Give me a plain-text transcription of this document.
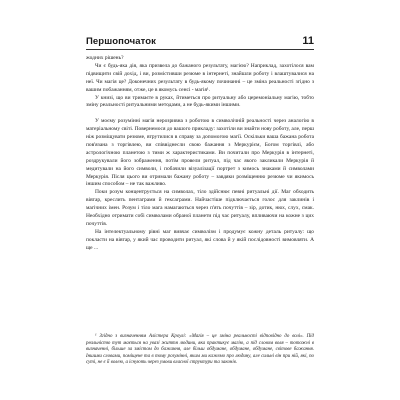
Першопочаток	11

жодних рішень?

Чи є будь-яка дія, яка призвела до бажаного результату, магією? Наприклад, захотілося вам підвищити свій дохід, і ви, розмістивши резюме в інтернеті, знайшли роботу і влаштувалися на неї. Чи магія це? Доконечних результату в будь-якому починанні – це зміна реальності згідно з вашим побажанням, отже, це в якомусь сенсі - магія¹.

У книзі, що ви тримаєте в руках, йтиметься про ритуальну або церемоніальну магію, тобто зміну реальності ритуальними методами, а не будь-якими іншими.

У моєму розумінні магія нерозривна з роботою в символічній реальності через аналогію в матеріальному світі. Повернемося до вашого прикладу: захотіли ви знайти нову роботу, але, перш ніж розміщувати резюме, втрутилися в справу за допомогою магії. Оскільки ваша бажана робота пов'язана з торгівлею, ви співвіднесли свою бажання з Меркурієм, Богом торгівлі, або астрологічною планетою з тими ж характеристиками. Ви почитали про Меркурія в інтернеті, роздрукували його зображення, потім провели ритуал, під час якого закликали Меркурія й медитували на його символи, і побачили візуалізації портрет з кимось знаками й символами Меркурія. Після цього ви отримали бажану роботу – завдяки розміщенню резюме чи якимось іншим способом – не так важливо.

Поки розум концентрується на символах, тіло здійснює певні ритуальні дії. Маг обходить вівтар, креслить пентаграми й гексаграми. Найчастіше підключається голос для заклинів і магічних імен. Розум і тіло мага намагаються через п'ять почуттів – зір, дотик, нюх, слух, смак. Необхідно отримати собі символами обраної планети під час ритуалу, впливаючи на кожне з цих почуттів.

На інтелектуальному рівні маг вивчає символізм і продумує кожну деталь ритуалу: що покласти на вівтар, у який час проводити ритуал, які слова й у якій послідовності вимовляти. А ще ...

¹ Згідно з визначенням Алістера Кроулі: «Магія – це зміна реальності відповідно до волі». Під реальністю тут мається на увазі життя людини, яка практикує магію, а під словом воля – тотожні в визначенні, більше за змістом до бажання, але більш обдумане, обдумане, обдумане, світове бажання. Іншими словами, поміщене та в тому розумінні, яким ми кажемо про людину, але сильні він при ній, які, по суті, не є її волею, а існують через умови власної структури та законів.
